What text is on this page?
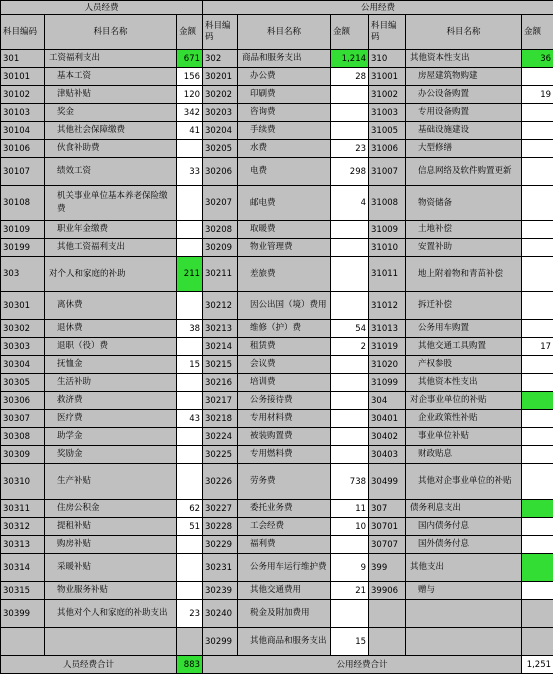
人员经费			公用经费					
科目编码	科目名称	金额	科目编码	科目名称	金额	科目编码	科目名称	金额
301	工资福利支出	671	302	商品和服务支出	1,214	310	其他资本性支出	36
30101	基本工资	156	30201	办公费	28	31001	房屋建筑物购建	
30102	津贴补贴	120	30202	印刷费		31002	办公设备购置	19
30103	奖金	342	30203	咨询费		31003	专用设备购置	
30104	其他社会保障缴费	41	30204	手续费		31005	基础设施建设	
30106	伙食补助费		30205	水费	23	31006	大型修缮	
30107	绩效工资	33	30206	电费	298	31007	信息网络及软件购置更新	
30108	机关事业单位基本养老保险缴费		30207	邮电费	4	31008	物资储备	
30109	职业年金缴费		30208	取暖费		31009	土地补偿	
30199	其他工资福利支出		30209	物业管理费		31010	安置补助	
303	对个人和家庭的补助	211	30211	差旅费		31011	地上附着物和青苗补偿	
30301	离休费		30212	因公出国（境）费用		31012	拆迁补偿	
30302	退休费	38	30213	维修（护）费	54	31013	公务用车购置	
30303	退职（役）费		30214	租赁费	2	31019	其他交通工具购置	17
30304	抚恤金	15	30215	会议费		31020	产权参股	
30305	生活补助		30216	培训费		31099	其他资本性支出	
30306	救济费		30217	公务接待费		304	对企事业单位的补贴	
30307	医疗费	43	30218	专用材料费		30401	企业政策性补贴	
30308	助学金		30224	被装购置费		30402	事业单位补贴	
30309	奖励金		30225	专用燃料费		30403	财政贴息	
30310	生产补贴		30226	劳务费	738	30499	其他对企事业单位的补贴	
30311	住房公积金	62	30227	委托业务费	11	307	债务利息支出	
30312	提租补贴	51	30228	工会经费	10	30701	国内债务付息	
30313	购房补贴		30229	福利费		30707	国外债务付息	
30314	采暖补贴		30231	公务用车运行维护费	9	399	其他支出	
30315	物业服务补贴		30239	其他交通费用	21	39906	赠与	
30399	其他对个人和家庭的补助支出	23	30240	税金及附加费用				
			30299	其他商品和服务支出	15			
人员经费合计		883	公用经费合计					1,251
